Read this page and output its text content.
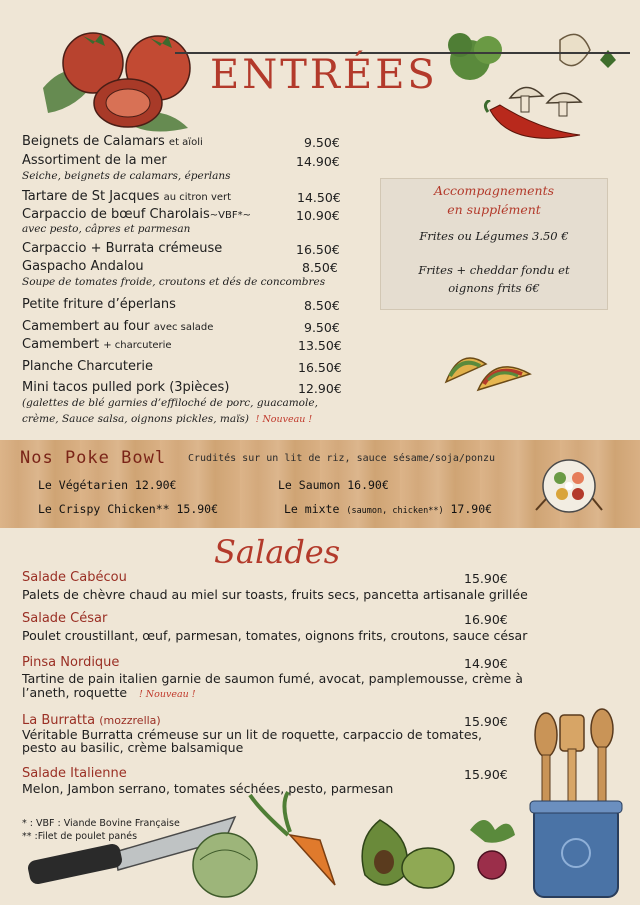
ENTRÉES
Beignets de Calamars et aïoli	9.50€
Assortiment de la mer	14.90€
Seiche, beignets de calamars, éperlans
Tartare de St Jacques au citron vert	14.50€
Carpaccio de bœuf Charolais~VBF*~	10.90€
avec pesto, câpres et parmesan
Carpaccio + Burrata crémeuse	16.50€
Gaspacho Andalou	8.50€
Soupe de tomates froide, croutons et dés de concombres
Petite friture d’éperlans	8.50€
Camembert au four avec salade	9.50€
Camembert + charcuterie	13.50€
Planche Charcuterie	16.50€
Mini tacos pulled pork (3pièces)	12.90€
(galettes de blé garnies d’effiloché de porc, guacamole,
crème, Sauce salsa, oignons pickles, maïs) ! Nouveau !
Accompagnements
en supplément
Frites ou Légumes 3.50 €
Frites + cheddar fondu et
oignons frits 6€
Nos Poke Bowl Crudités sur un lit de riz, sauce sésame/soja/ponzu
Le Végétarien 12.90€	Le Saumon 16.90€
Le Crispy Chicken** 15.90€	Le mixte (saumon, chicken**) 17.90€
Salades
Salade Cabécou	15.90€
Palets de chèvre chaud au miel sur toasts, fruits secs, pancetta artisanale grillée
Salade César	16.90€
Poulet croustillant, œuf, parmesan, tomates, oignons frits, croutons, sauce césar
Pinsa Nordique	14.90€
Tartine de pain italien garnie de saumon fumé, avocat, pamplemousse, crème à
l’aneth, roquette ! Nouveau !
La Burratta (mozzrella)	15.90€
Véritable Burratta crémeuse sur un lit de roquette, carpaccio de tomates,
pesto au basilic, crème balsamique
Salade Italienne	15.90€
Melon, Jambon serrano, tomates séchées, pesto, parmesan
* : VBF : Viande Bovine Française
** :Filet de poulet panés
